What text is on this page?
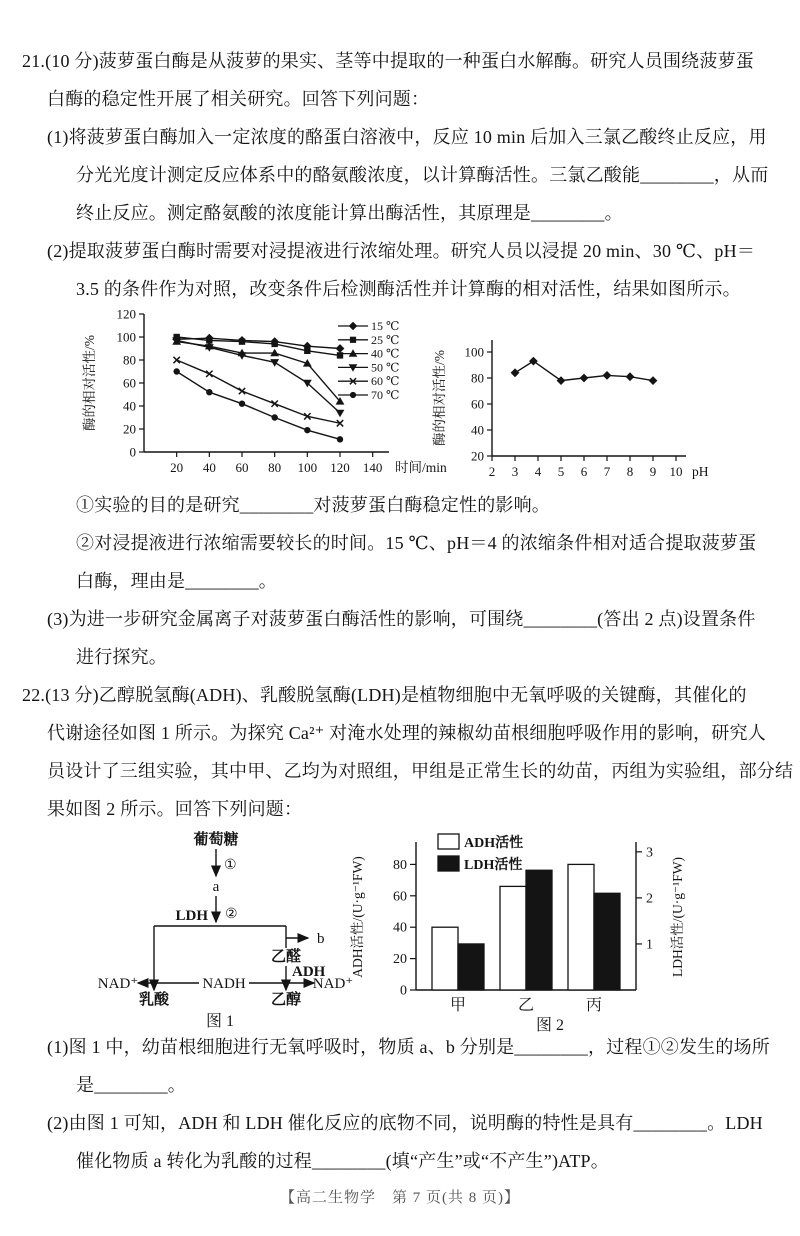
21.(10 分)菠萝蛋白酶是从菠萝的果实、茎等中提取的一种蛋白水解酶。研究人员围绕菠萝蛋
白酶的稳定性开展了相关研究。回答下列问题：
(1)将菠萝蛋白酶加入一定浓度的酪蛋白溶液中，反应 10 min 后加入三氯乙酸终止反应，用
分光光度计测定反应体系中的酪氨酸浓度，以计算酶活性。三氯乙酸能________，从而
终止反应。测定酪氨酸的浓度能计算出酶活性，其原理是________。
(2)提取菠萝蛋白酶时需要对浸提液进行浓缩处理。研究人员以浸提 20 min、30 ℃、pH＝
3.5 的条件作为对照，改变条件后检测酶活性并计算酶的相对活性，结果如图所示。
0
20
40
60
80
100
120
20 40 60 80 100 120 140 时间/min
酶的相对活性/%
15 ℃
25 ℃
40 ℃
50 ℃
60 ℃
70 ℃
20
40
60
80
100
2 3 4 5 6 7 8 9 10 pH
酶的相对活性/%
①实验的目的是研究________对菠萝蛋白酶稳定性的影响。
②对浸提液进行浓缩需要较长的时间。15 ℃、pH＝4 的浓缩条件相对适合提取菠萝蛋
白酶，理由是________。
(3)为进一步研究金属离子对菠萝蛋白酶活性的影响，可围绕________(答出 2 点)设置条件
进行探究。
22.(13 分)乙醇脱氢酶(ADH)、乳酸脱氢酶(LDH)是植物细胞中无氧呼吸的关键酶，其催化的
代谢途径如图 1 所示。为探究 Ca²⁺ 对淹水处理的辣椒幼苗根细胞呼吸作用的影响，研究人
员设计了三组实验，其中甲、乙均为对照组，甲组是正常生长的幼苗，丙组为实验组，部分结
果如图 2 所示。回答下列问题：
葡萄糖
①
a
②
LDH
b
乙醛
ADH
乙醇
乳酸
NADH
NAD⁺	NAD⁺
图 1
0
20
40
60
80
1
2
3
甲	乙	丙
ADH活性
LDH活性
ADH活性/(U·g⁻¹FW)	LDH活性/(U·g⁻¹FW)
图 2
(1)图 1 中，幼苗根细胞进行无氧呼吸时，物质 a、b 分别是________，过程①②发生的场所
是________。
(2)由图 1 可知，ADH 和 LDH 催化反应的底物不同，说明酶的特性是具有________。LDH
催化物质 a 转化为乳酸的过程________(填“产生”或“不产生”)ATP。
【高二生物学　第 7 页(共 8 页)】
